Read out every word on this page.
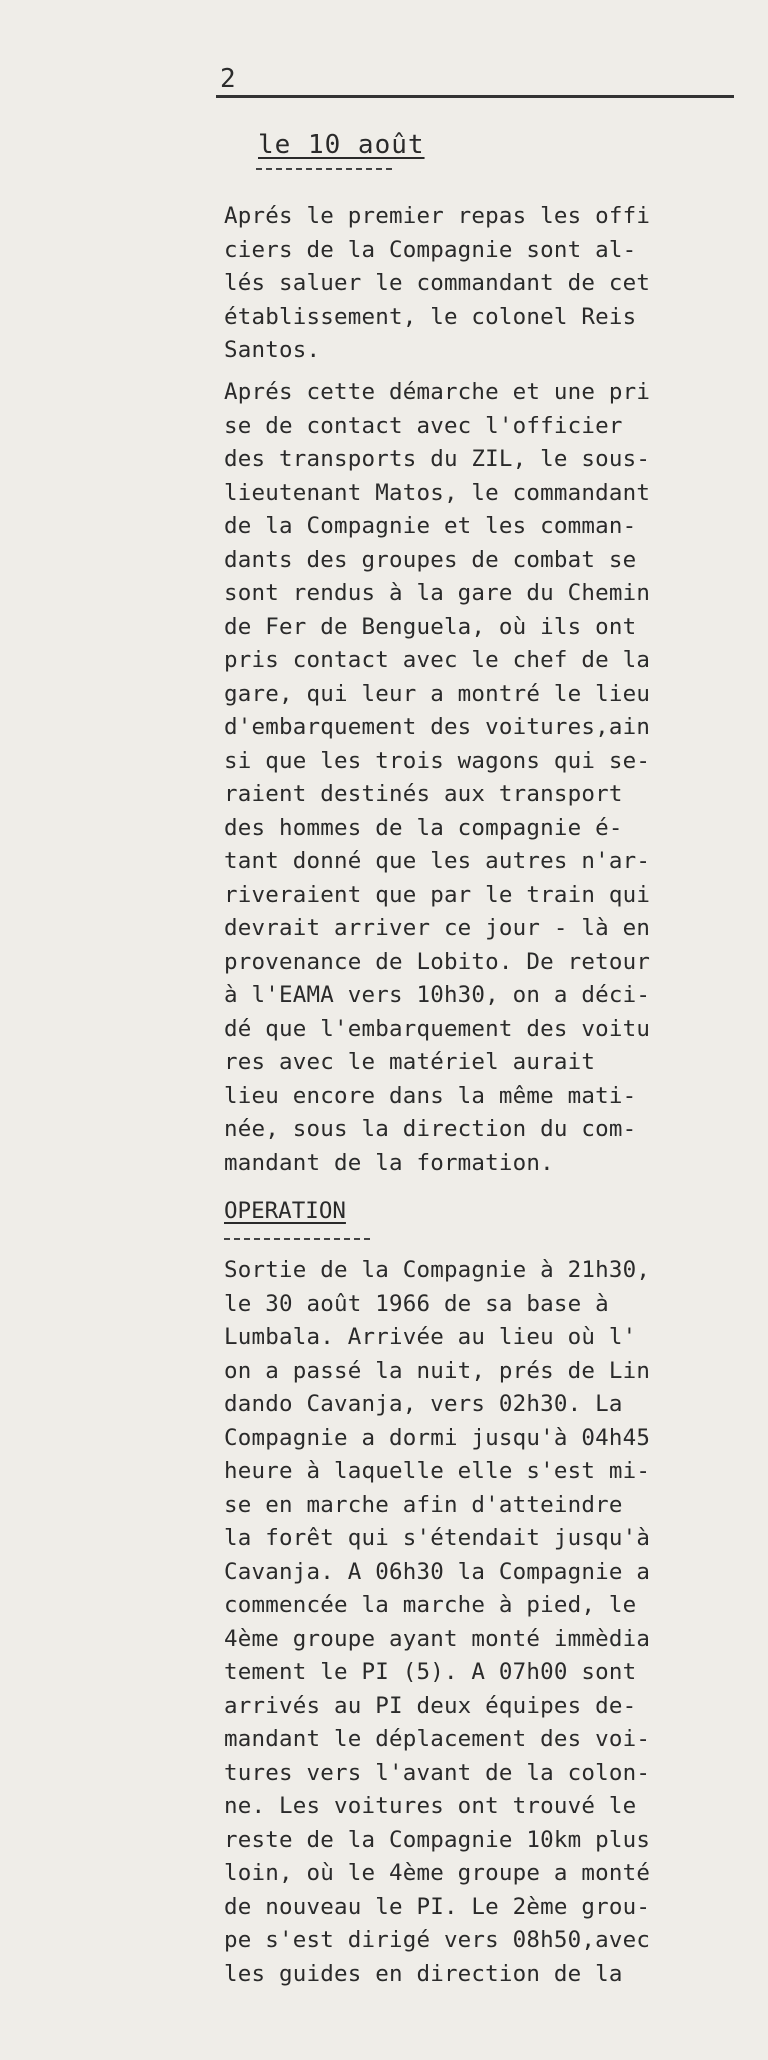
2
le 10 août
Aprés le premier repas les offi
ciers de la Compagnie sont al-
lés saluer le commandant de cet
établissement, le colonel Reis
Santos.
Aprés cette démarche et une pri
se de contact avec l'officier
des transports du ZIL, le sous-
lieutenant Matos, le commandant
de la Compagnie et les comman-
dants des groupes de combat se
sont rendus à la gare du Chemin
de Fer de Benguela, où ils ont
pris contact avec le chef de la
gare, qui leur a montré le lieu
d'embarquement des voitures,ain
si que les trois wagons qui se-
raient destinés aux transport
des hommes de la compagnie é-
tant donné que les autres n'ar-
riveraient que par le train qui
devrait arriver ce jour - là en
provenance de Lobito. De retour
à l'EAMA vers 10h30, on a déci-
dé que l'embarquement des voitu
res avec le matériel aurait
lieu encore dans la même mati-
née, sous la direction du com-
mandant de la formation.
OPERATION
Sortie de la Compagnie à 21h30,
le 30 août 1966 de sa base à
Lumbala. Arrivée au lieu où l'
on a passé la nuit, prés de Lin
dando Cavanja, vers 02h30. La
Compagnie a dormi jusqu'à 04h45
heure à laquelle elle s'est mi-
se en marche afin d'atteindre
la forêt qui s'étendait jusqu'à
Cavanja. A 06h30 la Compagnie a
commencée la marche à pied, le
4ème groupe ayant monté immèdia
tement le PI (5). A 07h00 sont
arrivés au PI deux équipes de-
mandant le déplacement des voi-
tures vers l'avant de la colon-
ne. Les voitures ont trouvé le
reste de la Compagnie 10km plus
loin, où le 4ème groupe a monté
de nouveau le PI. Le 2ème grou-
pe s'est dirigé vers 08h50,avec
les guides en direction de la
